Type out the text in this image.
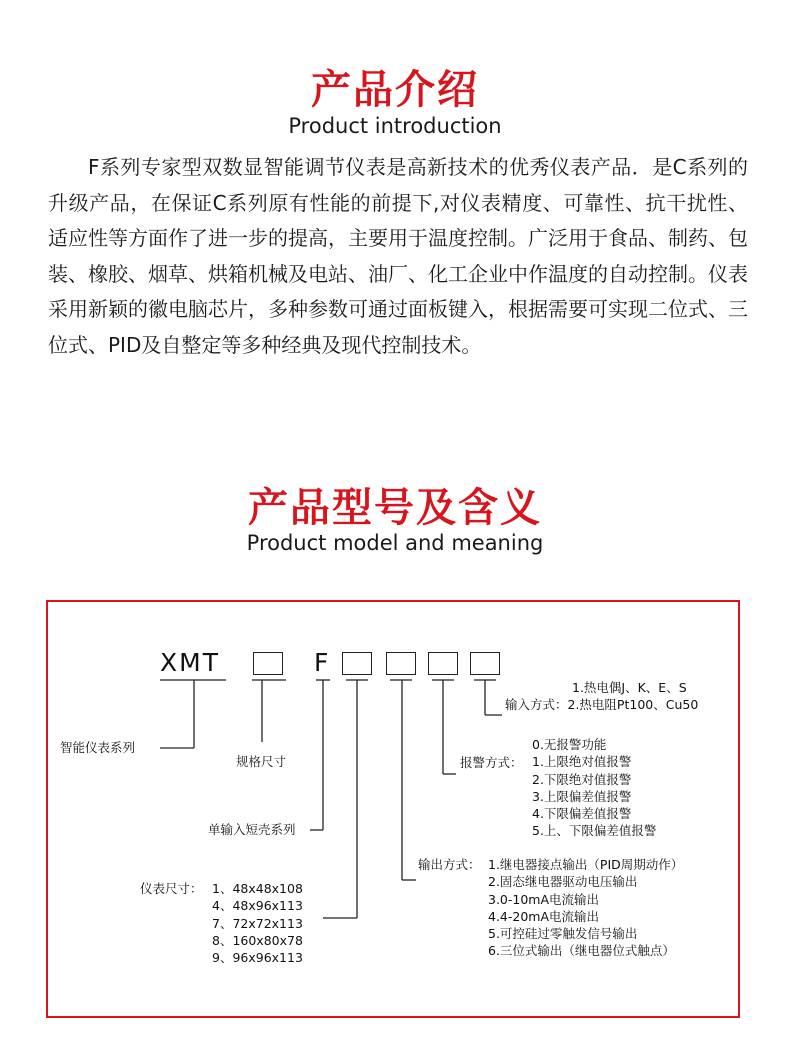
产品介绍
Product introduction

F系列专家型双数显智能调节仪表是高新技术的优秀仪表产品．是C系列的升级产品，在保证C系列原有性能的前提下,对仪表精度、可靠性、抗干扰性、适应性等方面作了进一步的提高，主要用于温度控制。广泛用于食品、制药、包装、橡胶、烟草、烘箱机械及电站、油厂、化工企业中作温度的自动控制。仪表采用新颖的徽电脑芯片，多种参数可通过面板键入，根据需要可实现二位式、三位式、PID及自整定等多种经典及现代控制技术。

产品型号及含义
Product model and meaning
XMT	F
智能仪表系列
规格尺寸
单输入短壳系列
1.热电偶J、K、E、S
输入方式：2.热电阻Pt100、Cu50
报警方式：
0.无报警功能
1.上限绝对值报警
2.下限绝对值报警
3.上限偏差值报警
4.下限偏差值报警
5.上、下限偏差值报警
输出方式： 1.继电器接点输出（PID周期动作）
2.固态继电器驱动电压输出
3.0-10mA电流输出
4.4-20mA电流输出
5.可控硅过零触发信号输出
6.三位式输出（继电器位式触点）
仪表尺寸： 1、48x48x108
4、48x96x113
7、72x72x113
8、160x80x78
9、96x96x113
